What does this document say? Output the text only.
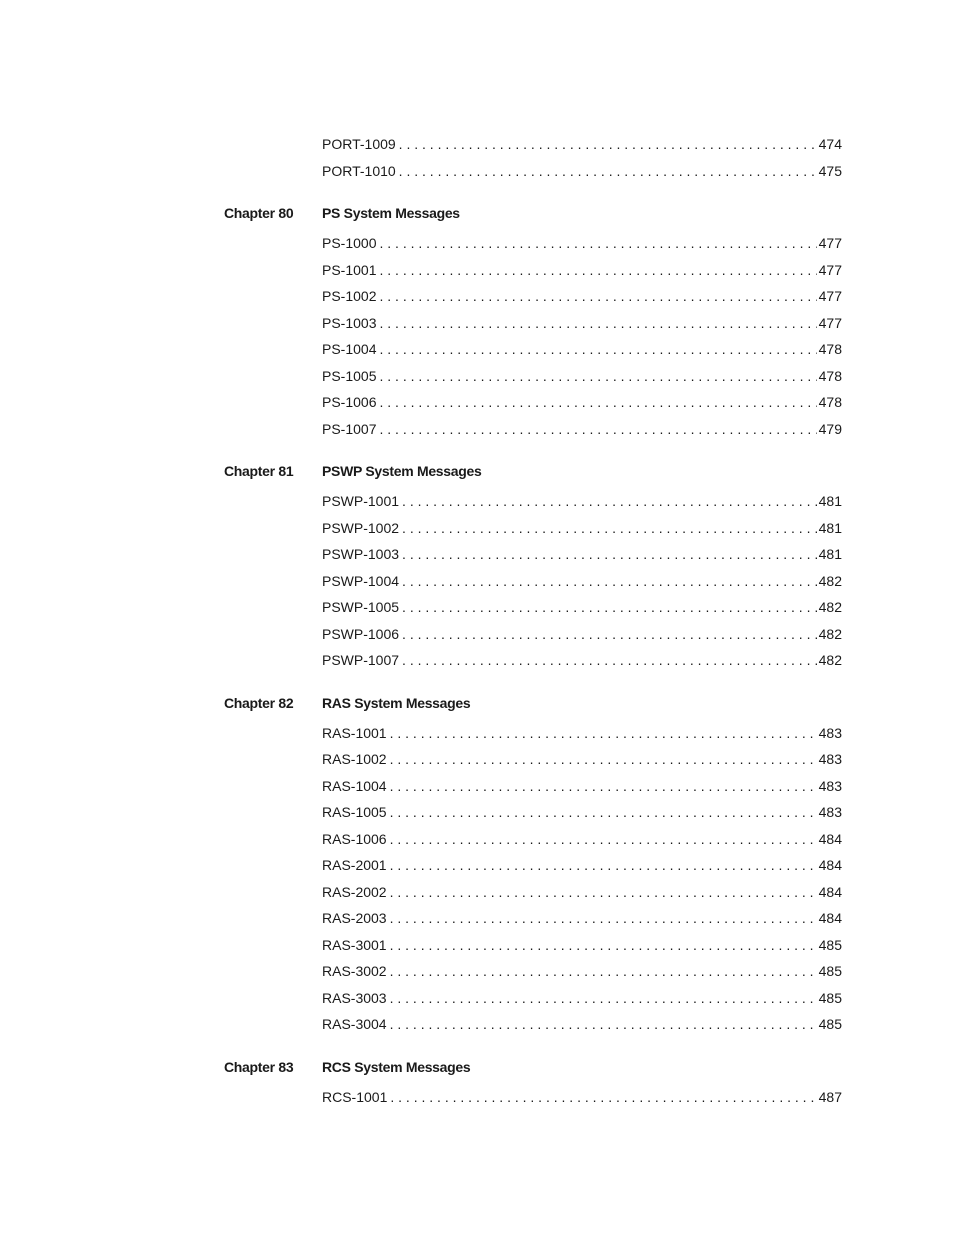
PORT-1009 . . .	474
PORT-1010 . . .	475
Chapter 80 PS System Messages
PS-1000 . . .	477
PS-1001 . . .	477
PS-1002 . . .	477
PS-1003 . . .	477
PS-1004 . . .	478
PS-1005 . . .	478
PS-1006 . . .	478
PS-1007 . . .	479
Chapter 81 PSWP System Messages
PSWP-1001 . . .	481
PSWP-1002 . . .	481
PSWP-1003 . . .	481
PSWP-1004 . . .	482
PSWP-1005 . . .	482
PSWP-1006 . . .	482
PSWP-1007 . . .	482
Chapter 82 RAS System Messages
RAS-1001 . . .	483
RAS-1002 . . .	483
RAS-1004 . . .	483
RAS-1005 . . .	483
RAS-1006 . . .	484
RAS-2001 . . .	484
RAS-2002 . . .	484
RAS-2003 . . .	484
RAS-3001 . . .	485
RAS-3002 . . .	485
RAS-3003 . . .	485
RAS-3004 . . .	485
Chapter 83 RCS System Messages
RCS-1001 . . .	487
